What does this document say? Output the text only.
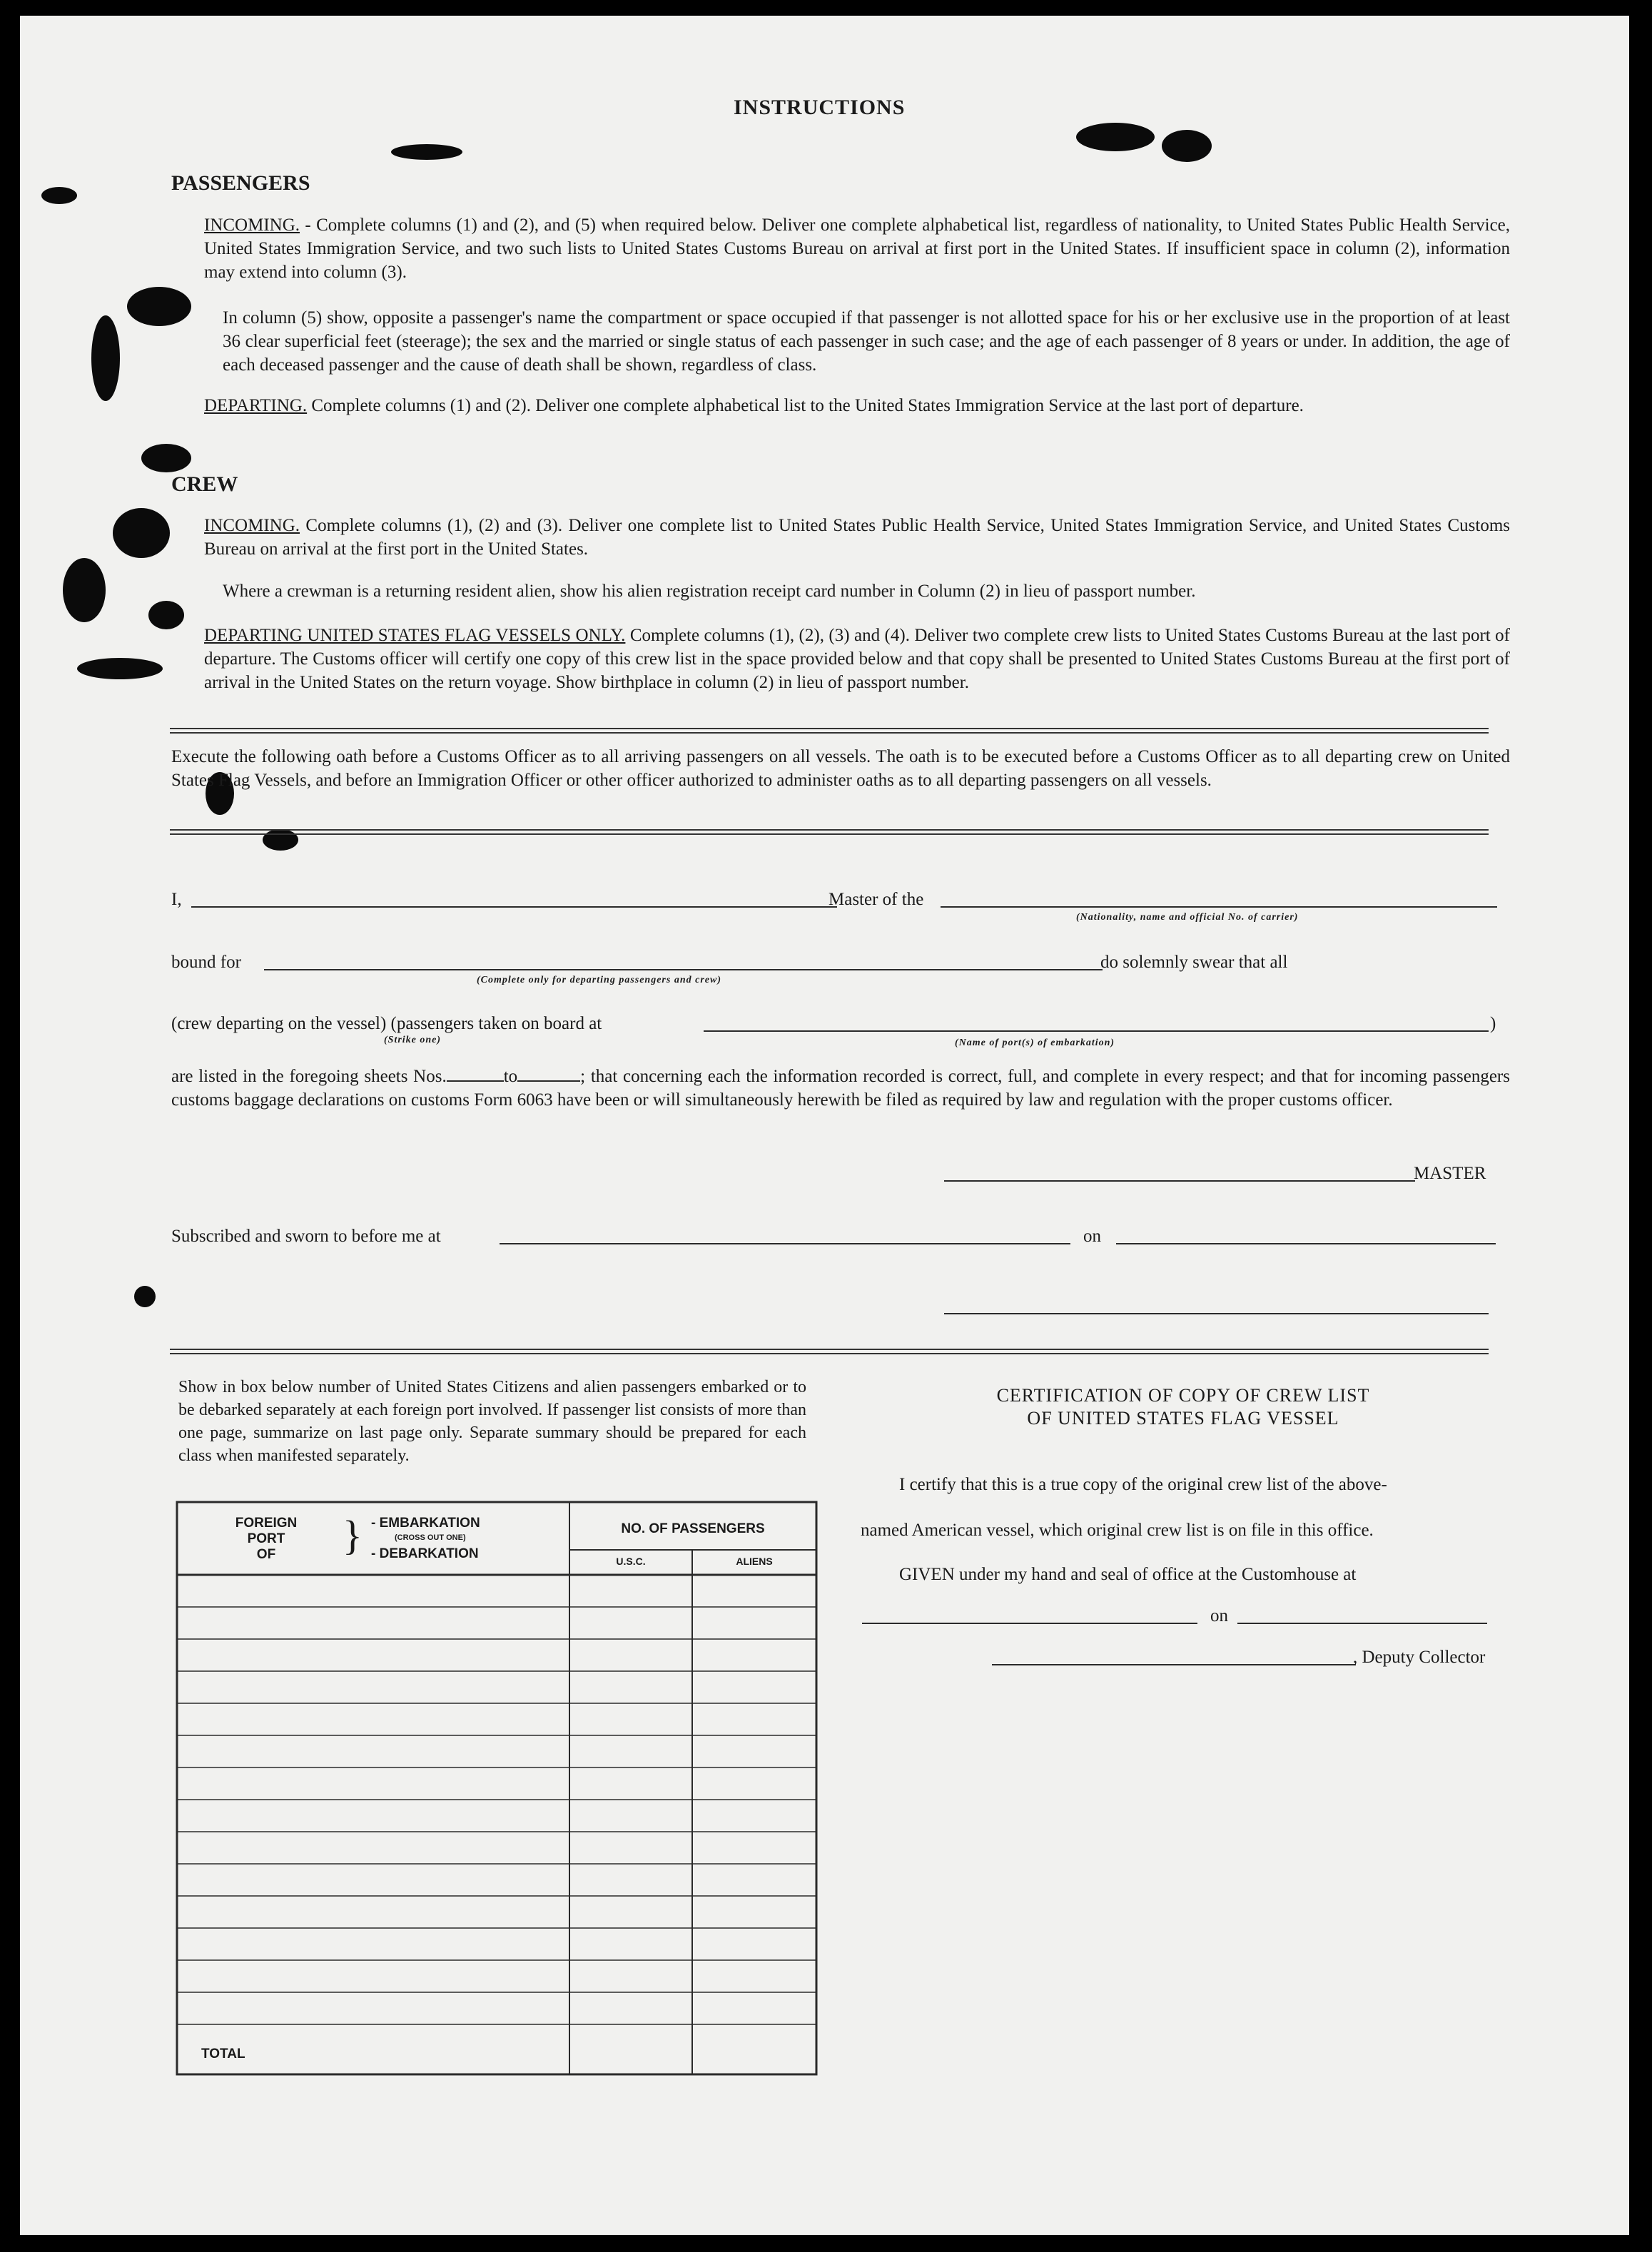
INSTRUCTIONS
PASSENGERS
INCOMING. - Complete columns (1) and (2), and (5) when required below. Deliver one complete alphabetical list, regardless of nationality, to United States Public Health Service, United States Immigration Service, and two such lists to United States Customs Bureau on arrival at first port in the United States. If insufficient space in column (2), information may extend into column (3).
In column (5) show, opposite a passenger's name the compartment or space occupied if that passenger is not allotted space for his or her exclusive use in the proportion of at least 36 clear superficial feet (steerage); the sex and the married or single status of each passenger in such case; and the age of each passenger of 8 years or under. In addition, the age of each deceased passenger and the cause of death shall be shown, regardless of class.
DEPARTING. Complete columns (1) and (2). Deliver one complete alphabetical list to the United States Immigration Service at the last port of departure.
CREW
INCOMING. Complete columns (1), (2) and (3). Deliver one complete list to United States Public Health Service, United States Immigration Service, and United States Customs Bureau on arrival at the first port in the United States.
Where a crewman is a returning resident alien, show his alien registration receipt card number in Column (2) in lieu of passport number.
DEPARTING UNITED STATES FLAG VESSELS ONLY. Complete columns (1), (2), (3) and (4). Deliver two complete crew lists to United States Customs Bureau at the last port of departure. The Customs officer will certify one copy of this crew list in the space provided below and that copy shall be presented to United States Customs Bureau at the first port of arrival in the United States on the return voyage. Show birthplace in column (2) in lieu of passport number.
Execute the following oath before a Customs Officer as to all arriving passengers on all vessels. The oath is to be executed before a Customs Officer as to all departing crew on United States Flag Vessels, and before an Immigration Officer or other officer authorized to administer oaths as to all departing passengers on all vessels.
I,	Master of the
(Nationality, name and official No. of carrier)
bound for
(Complete only for departing passengers and crew)
do solemnly swear that all
(crew departing on the vessel) (passengers taken on board at	)
(Strike one)	(Name of port(s) of embarkation)
are listed in the foregoing sheets Nos.	to	; that concerning each the information recorded is correct, full, and complete in every respect; and that for incoming passengers customs baggage declarations on customs Form 6063 have been or will simultaneously herewith be filed as required by law and regulation with the proper customs officer.
MASTER
Subscribed and sworn to before me at	on
Show in box below number of United States Citizens and alien passengers embarked or to be debarked separately at each foreign port involved. If passenger list consists of more than one page, summarize on last page only. Separate summary should be prepared for each class when manifested separately.
FOREIGN
PORT
OF	} - EMBARKATION
(CROSS OUT ONE)
- DEBARKATION
NO. OF PASSENGERS
U.S.C.	ALIENS
TOTAL
CERTIFICATION OF COPY OF CREW LIST
OF UNITED STATES FLAG VESSEL
I certify that this is a true copy of the original crew list of the above-
named American vessel, which original crew list is on file in this office.
GIVEN under my hand and seal of office at the Customhouse at
on
, Deputy Collector
